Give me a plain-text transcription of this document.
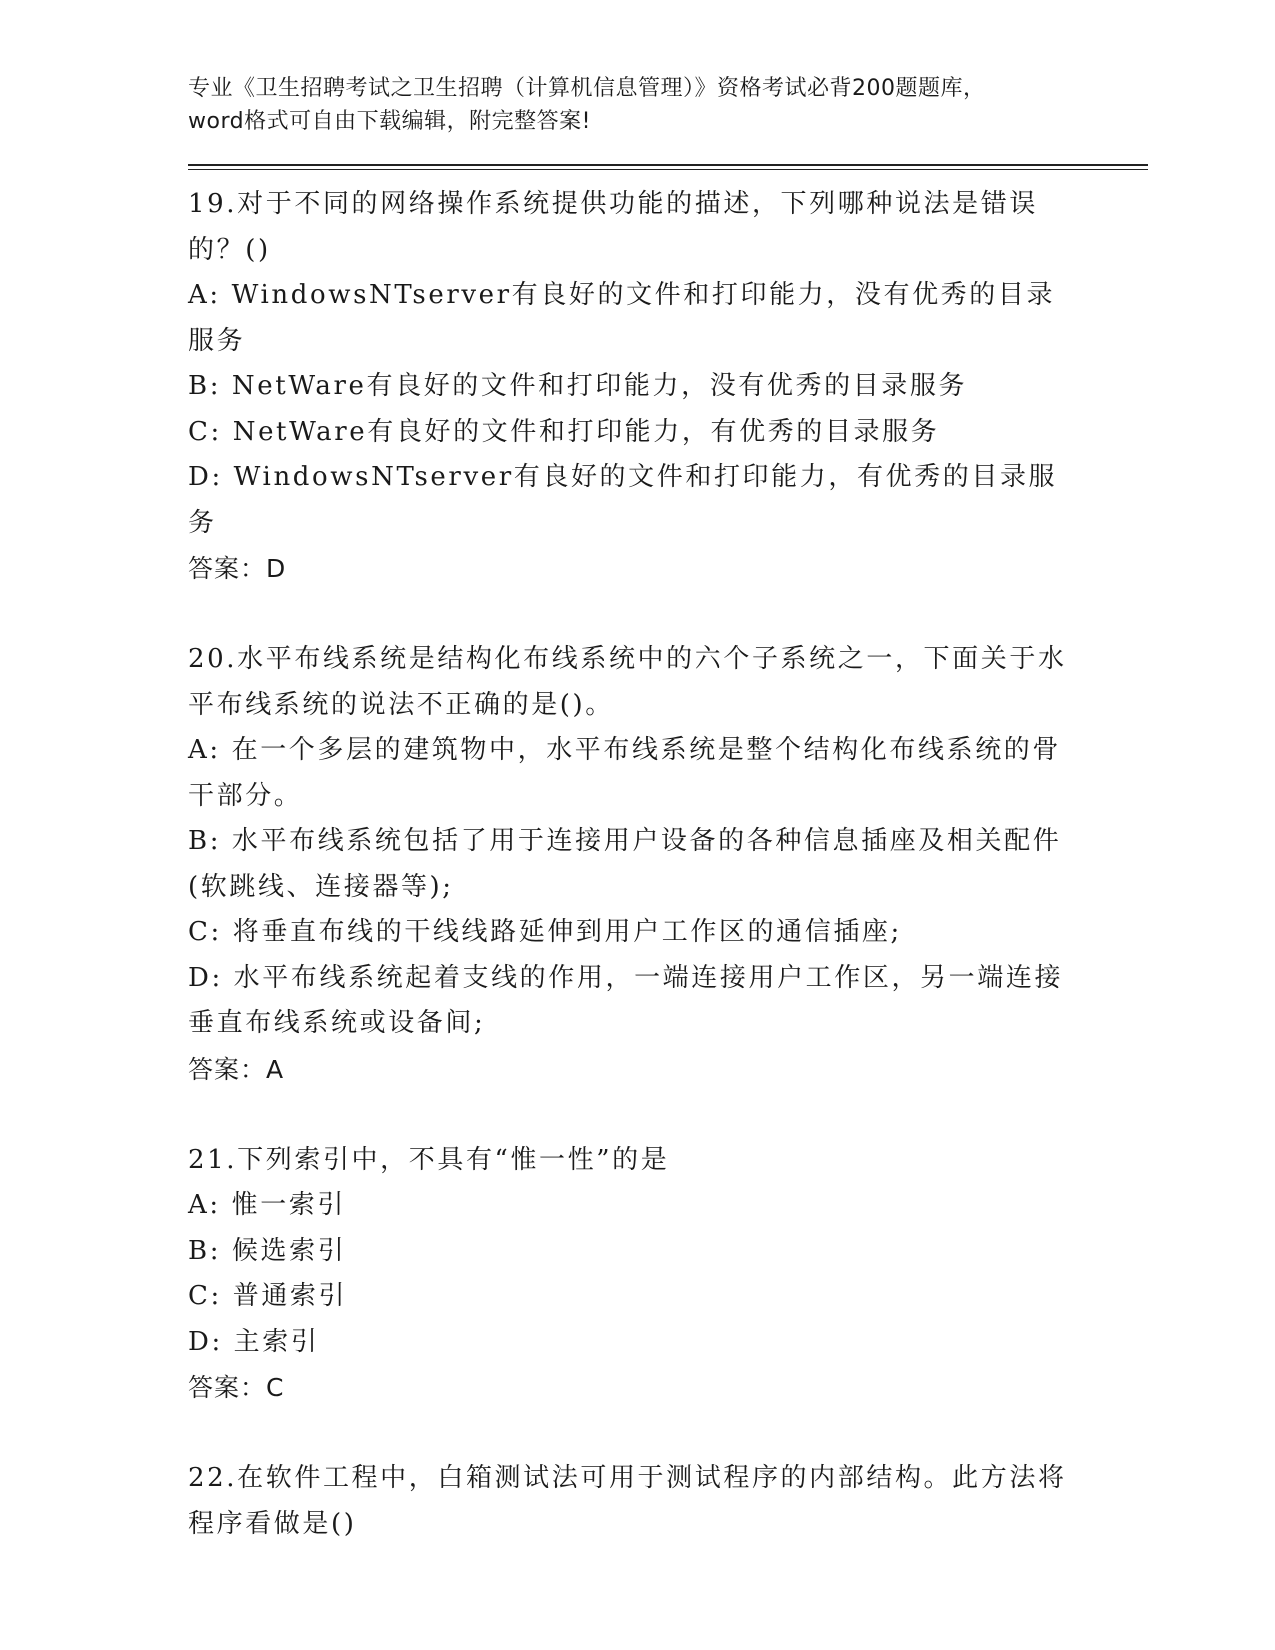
专业《卫生招聘考试之卫生招聘（计算机信息管理）》资格考试必背200题题库，
word格式可自由下载编辑，附完整答案!

19.对于不同的网络操作系统提供功能的描述，下列哪种说法是错误的？()

A: WindowsNTserver有良好的文件和打印能力，没有优秀的目录服务

B: NetWare有良好的文件和打印能力，没有优秀的目录服务

C: NetWare有良好的文件和打印能力，有优秀的目录服务

D: WindowsNTserver有良好的文件和打印能力，有优秀的目录服务

答案：D

20.水平布线系统是结构化布线系统中的六个子系统之一，下面关于水平布线系统的说法不正确的是()。

A: 在一个多层的建筑物中，水平布线系统是整个结构化布线系统的骨干部分。

B: 水平布线系统包括了用于连接用户设备的各种信息插座及相关配件(软跳线、连接器等);

C: 将垂直布线的干线线路延伸到用户工作区的通信插座;

D: 水平布线系统起着支线的作用，一端连接用户工作区，另一端连接垂直布线系统或设备间;

答案：A

21.下列索引中，不具有“惟一性”的是

A: 惟一索引

B: 候选索引

C: 普通索引

D: 主索引

答案：C

22.在软件工程中，白箱测试法可用于测试程序的内部结构。此方法将程序看做是()
